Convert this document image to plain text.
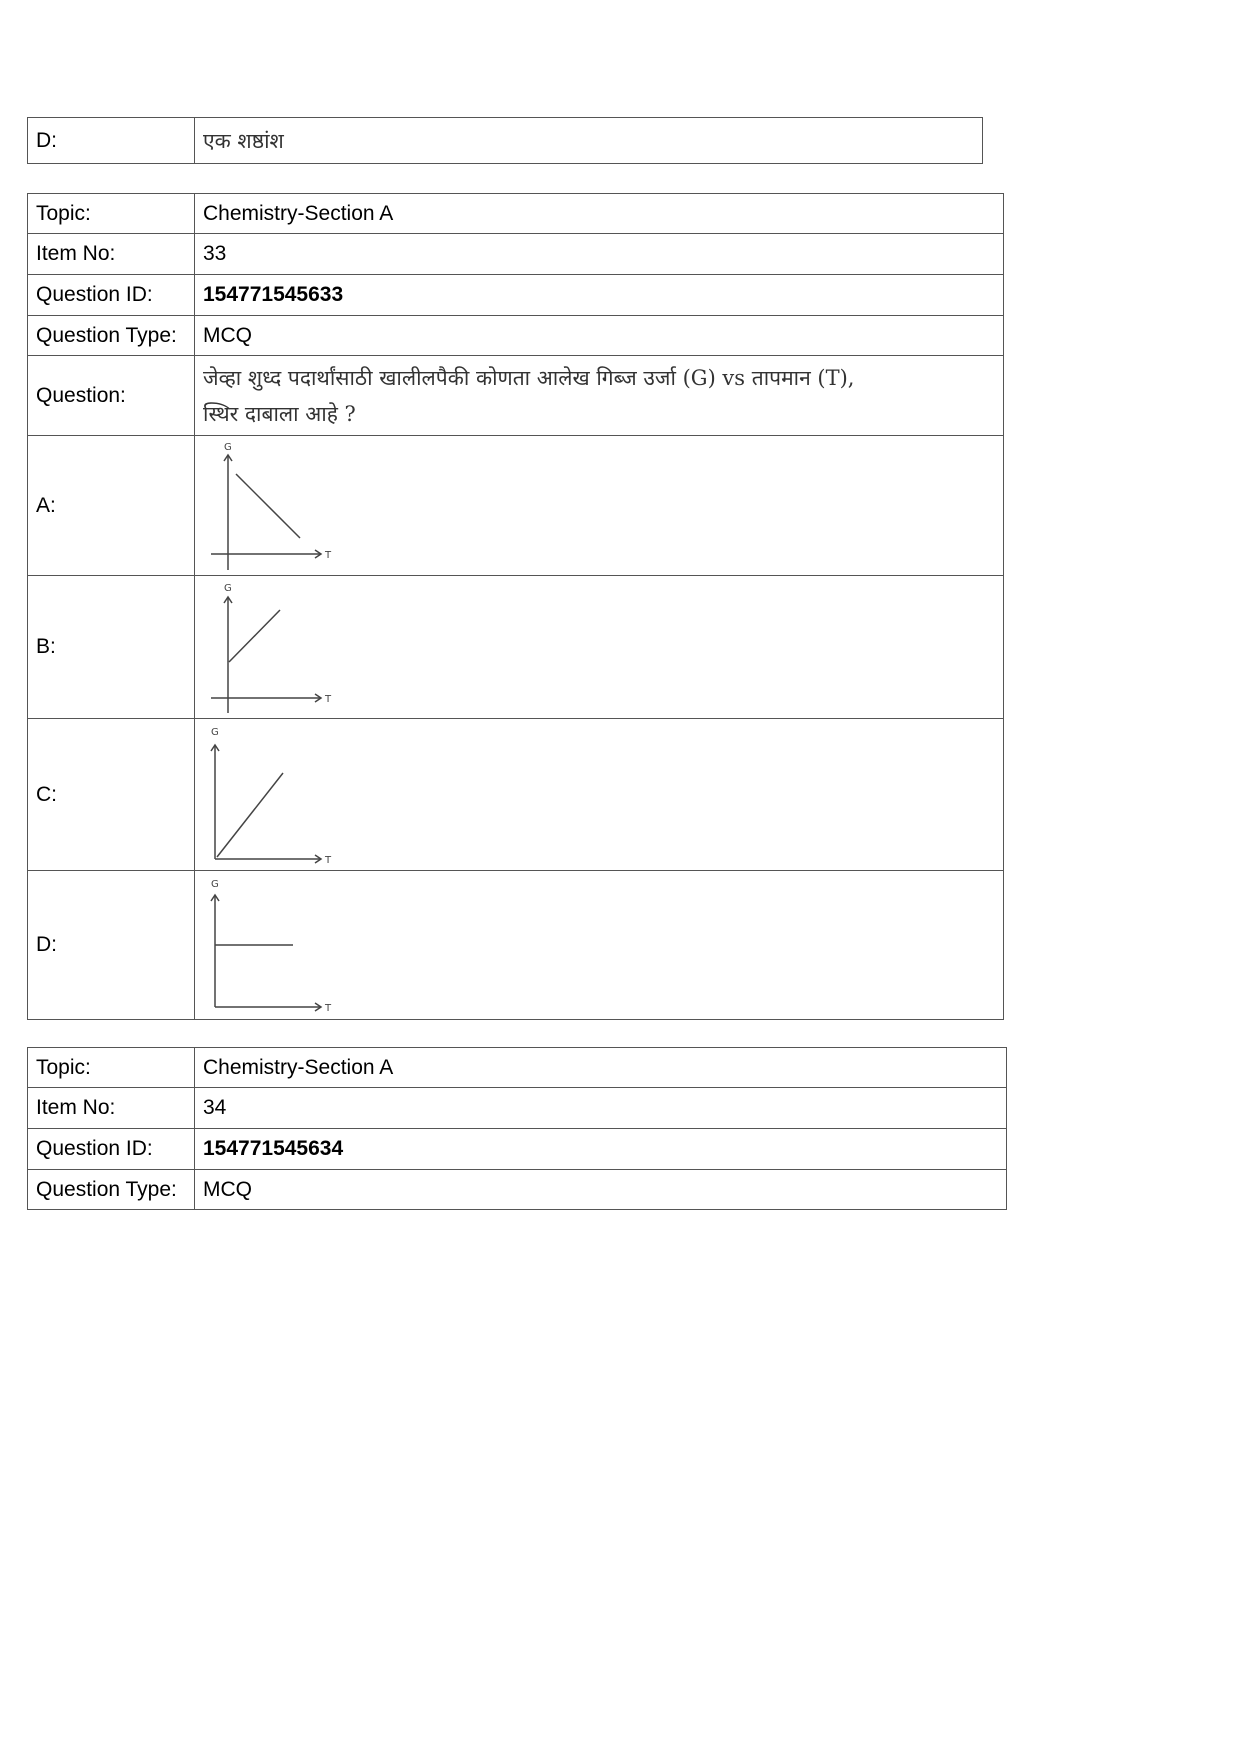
D:	एक शष्ठांश
Topic:	Chemistry-Section A
Item No:	33
Question ID:	154771545633
Question Type:	MCQ
Question:	जेव्हा शुध्द पदार्थांसाठी खालीलपैकी कोणता आलेख गिब्ज उर्जा (G) vs तापमान (T),
स्थिर दाबाला आहे ?

A:	G
T

B:	G
T

C:	G
T

D:	G
T
Topic:	Chemistry-Section A
Item No:	34
Question ID:	154771545634
Question Type:	MCQ
